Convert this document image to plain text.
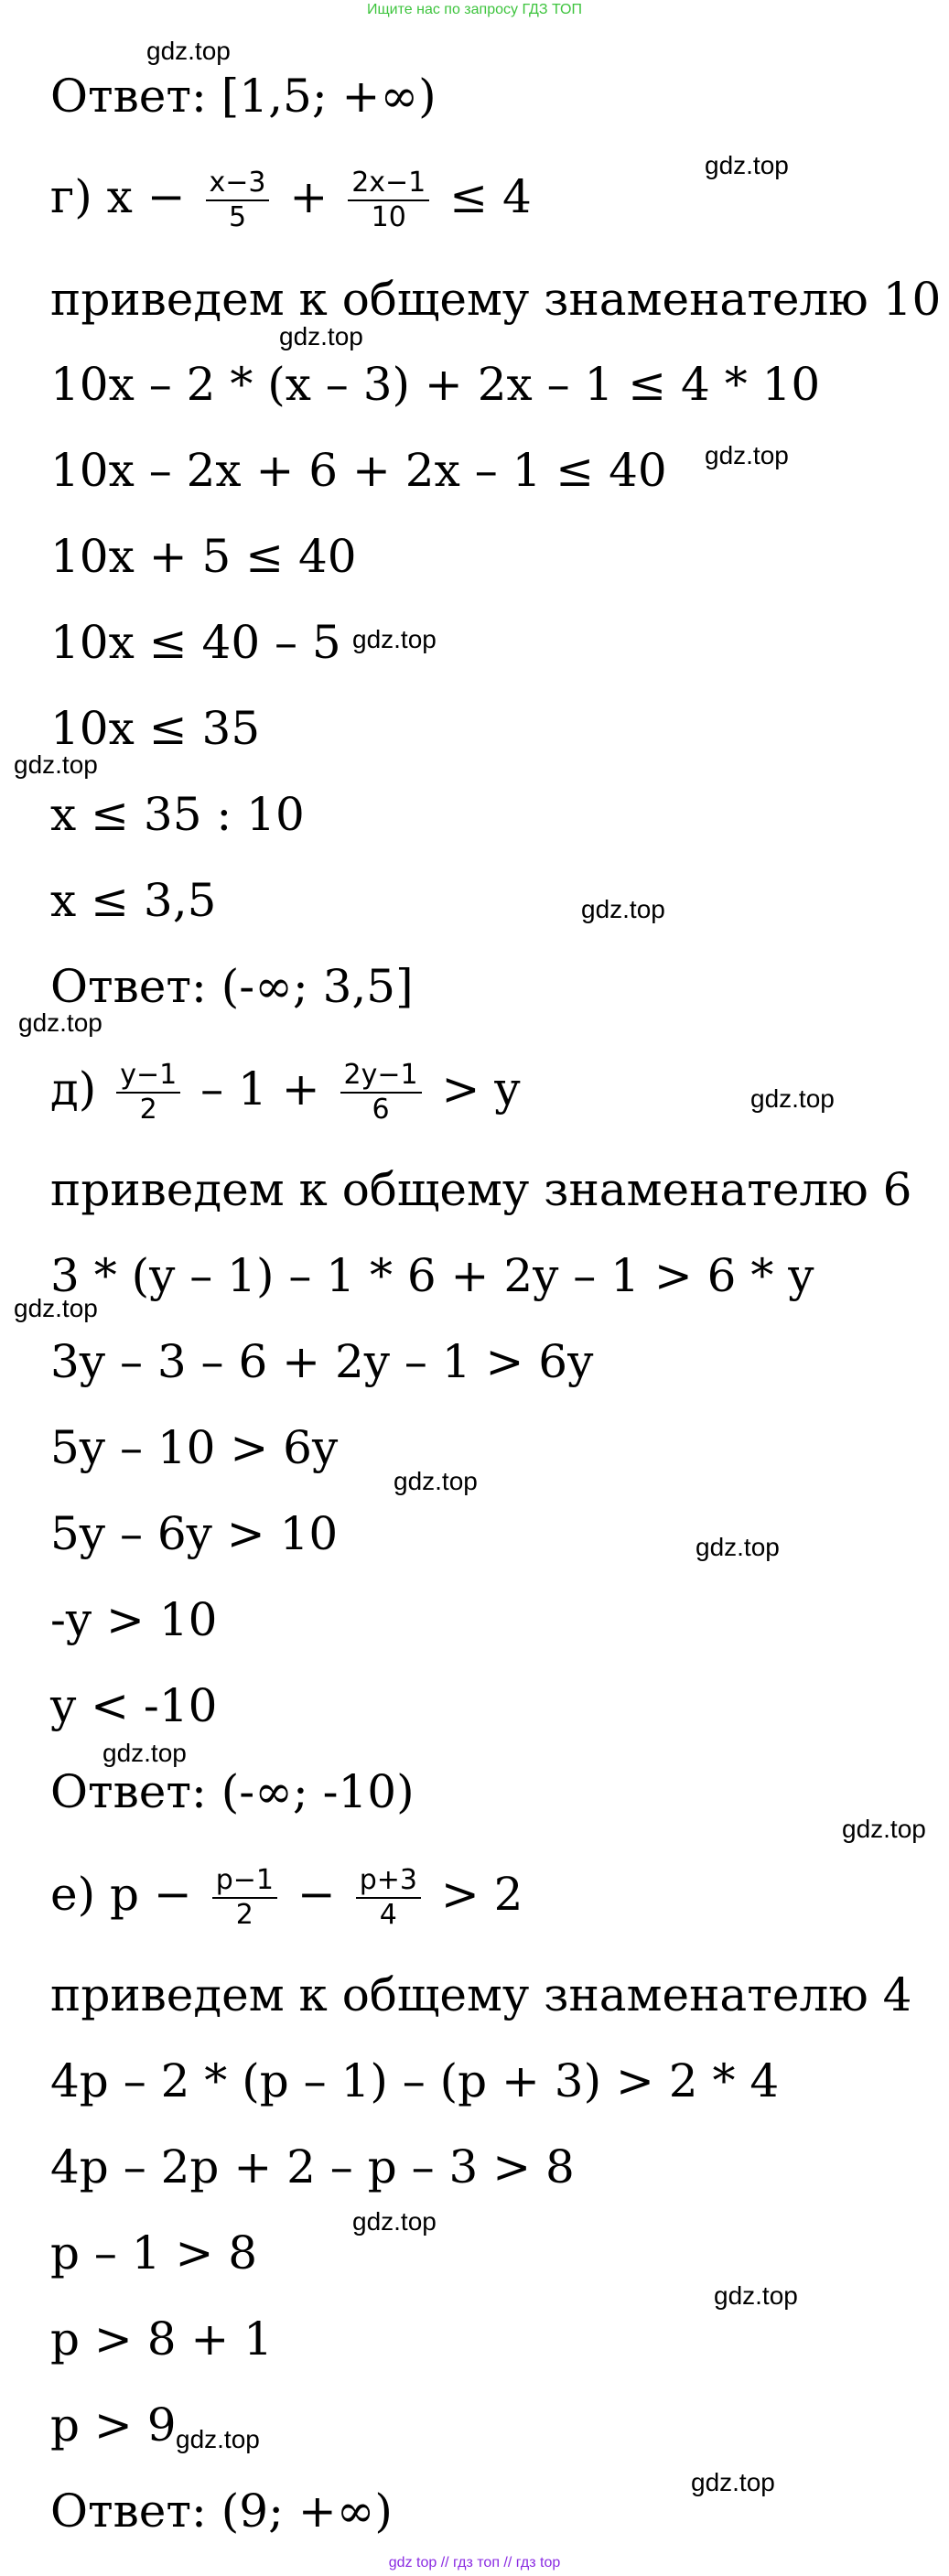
Ищите нас по запросу ГДЗ ТОП
Ответ: [1,5; +∞)
г) $x - \frac{x-3}{5} + \frac{2x-1}{10} \le 4$
приведем к общему знаменателю 10
10x – 2 * (x – 3) + 2x – 1 ≤ 4 * 10
10x – 2x + 6 + 2x – 1 ≤ 40
10x + 5 ≤ 40
10x ≤ 40 – 5
10x ≤ 35
x ≤ 35 : 10
x ≤ 3,5
Ответ: (-∞; 3,5]
$д) \frac{y-1}{2} - 1 + \frac{2y-1}{6} > y$
приведем к общему знаменателю 6
3 * (y – 1) – 1 * 6 + 2y – 1 > 6 * y
3y – 3 – 6 + 2y – 1 > 6y
5y – 10 > 6y
5y – 6y > 10
-y > 10
y < -10
Ответ: (-∞; -10)
е) $p - \frac{p-1}{2} - \frac{p+3}{4} > 2$
приведем к общему знаменателю 4
4p – 2 * (p – 1) – (p + 3) > 2 * 4
4p – 2p + 2 – p – 3 > 8
p – 1 > 8
p > 8 + 1
p > 9
Ответ: (9; +∞)
gdz.top
gdz.top
gdz.top
gdz.top
gdz.top
gdz.top
gdz.top
gdz.top
gdz.top
gdz.top
gdz.top
gdz.top
gdz.top
gdz.top
gdz.top
gdz.top
gdz.top
gdz.top
gdz top // гдз топ // гдз top
